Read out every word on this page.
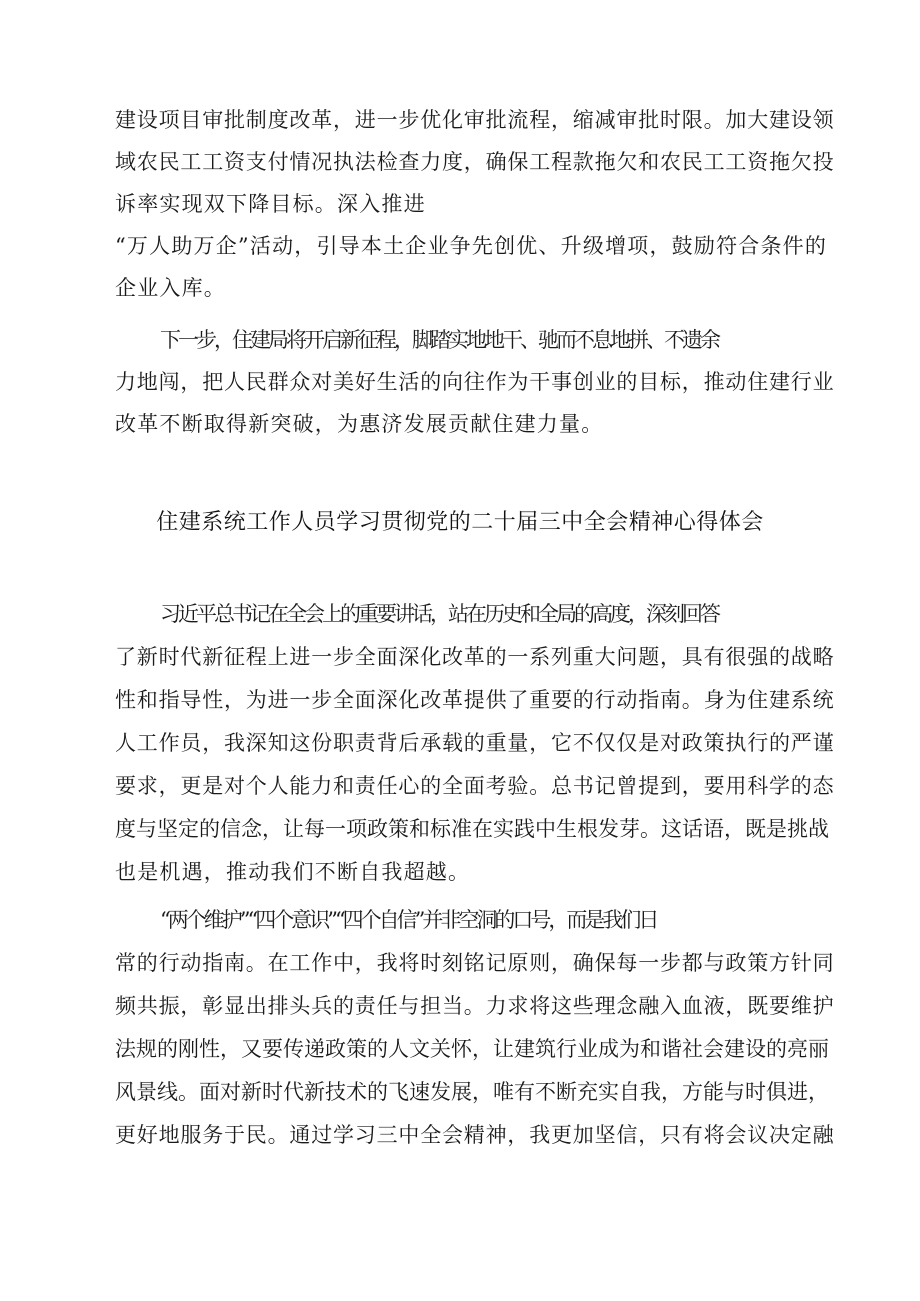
建设项目审批制度改革，进一步优化审批流程，缩减审批时限。加大建设领
域农民工工资支付情况执法检查力度，确保工程款拖欠和农民工工资拖欠投
诉率实现双下降目标。深入推进
“万人助万企”活动，引导本土企业争先创优、升级增项，鼓励符合条件的
企业入库。
下一步，住建局将开启新征程，脚踏实地地干、驰而不息地拼、不遗余
力地闯，把人民群众对美好生活的向往作为干事创业的目标，推动住建行业
改革不断取得新突破，为惠济发展贡献住建力量。
住建系统工作人员学习贯彻党的二十届三中全会精神心得体会
习近平总书记在全会上的重要讲话，站在历史和全局的高度，深刻回答
了新时代新征程上进一步全面深化改革的一系列重大问题，具有很强的战略
性和指导性，为进一步全面深化改革提供了重要的行动指南。身为住建系统
人工作员，我深知这份职责背后承载的重量，它不仅仅是对政策执行的严谨
要求，更是对个人能力和责任心的全面考验。总书记曾提到，要用科学的态
度与坚定的信念，让每一项政策和标准在实践中生根发芽。这话语，既是挑战
也是机遇，推动我们不断自我超越。
“两个维护”“四个意识”“四个自信”并非空洞的口号，而是我们日
常的行动指南。在工作中，我将时刻铭记原则，确保每一步都与政策方针同
频共振，彰显出排头兵的责任与担当。力求将这些理念融入血液，既要维护
法规的刚性，又要传递政策的人文关怀，让建筑行业成为和谐社会建设的亮丽
风景线。面对新时代新技术的飞速发展，唯有不断充实自我，方能与时俱进，
更好地服务于民。通过学习三中全会精神，我更加坚信，只有将会议决定融
